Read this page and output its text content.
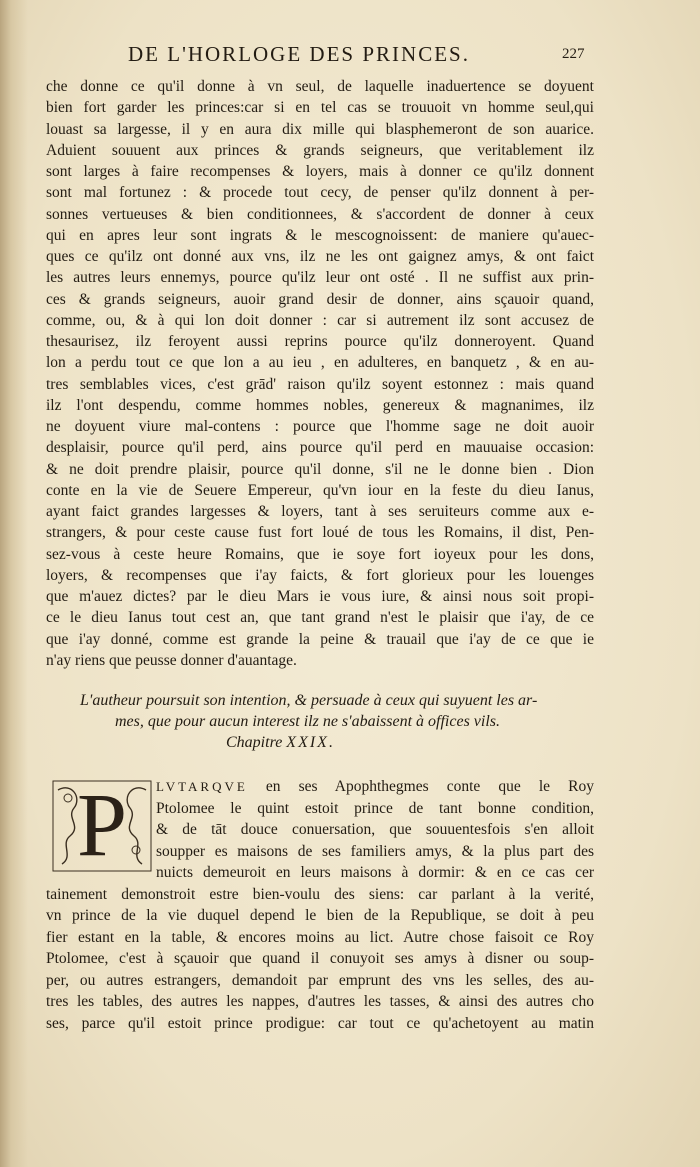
DE L'HORLOGE DES PRINCES.	227
che donne ce qu'il donne à vn seul, de laquelle inaduertence se doyuent
bien fort garder les princes:car si en tel cas se trouuoit vn homme seul,qui
louast sa largesse, il y en aura dix mille qui blasphemeront de son auarice.
Aduient souuent aux princes & grands seigneurs, que veritablement ilz
sont larges à faire recompenses & loyers, mais à donner ce qu'ilz donnent
sont mal fortunez : & procede tout cecy, de penser qu'ilz donnent à per-
sonnes vertueuses & bien conditionnees, & s'accordent de donner à ceux
qui en apres leur sont ingrats & le mescognoissent: de maniere qu'auec-
ques ce qu'ilz ont donné aux vns, ilz ne les ont gaignez amys, & ont faict
les autres leurs ennemys, pource qu'ilz leur ont osté . Il ne suffist aux prin-
ces & grands seigneurs, auoir grand desir de donner, ains sçauoir quand,
comme, ou, & à qui lon doit donner : car si autrement ilz sont accusez de
thesaurisez, ilz feroyent aussi reprins pource qu'ilz donneroyent. Quand
lon a perdu tout ce que lon a au ieu , en adulteres, en banquetz , & en au-
tres semblables vices, c'est grād' raison qu'ilz soyent estonnez : mais quand
ilz l'ont despendu, comme hommes nobles, genereux & magnanimes, ilz
ne doyuent viure mal-contens : pource que l'homme sage ne doit auoir
desplaisir, pource qu'il perd, ains pource qu'il perd en mauuaise occasion:
& ne doit prendre plaisir, pource qu'il donne, s'il ne le donne bien . Dion
conte en la vie de Seuere Empereur, qu'vn iour en la feste du dieu Ianus,
ayant faict grandes largesses & loyers, tant à ses seruiteurs comme aux e-
strangers, & pour ceste cause fust fort loué de tous les Romains, il dist, Pen-
sez-vous à ceste heure Romains, que ie soye fort ioyeux pour les dons,
loyers, & recompenses que i'ay faicts, & fort glorieux pour les louenges
que m'auez dictes? par le dieu Mars ie vous iure, & ainsi nous soit propi-
ce le dieu Ianus tout cest an, que tant grand n'est le plaisir que i'ay, de ce
que i'ay donné, comme est grande la peine & trauail que i'ay de ce que ie
n'ay riens que peusse donner d'auantage.
L'autheur poursuit son intention, & persuade à ceux qui suyuent les ar-
mes, que pour aucun interest ilz ne s'abaissent à offices vils.
Chapitre XXIX.
P	LVTARQVE en ses Apophthegmes conte que le Roy
Ptolomee le quint estoit prince de tant bonne condition,
& de tāt douce conuersation, que souuentesfois s'en alloit
soupper es maisons de ses familiers amys, & la plus part des
nuicts demeuroit en leurs maisons à dormir: & en ce cas cer
tainement demonstroit estre bien-voulu des siens: car parlant à la verité,
vn prince de la vie duquel depend le bien de la Republique, se doit à peu
fier estant en la table, & encores moins au lict. Autre chose faisoit ce Roy
Ptolomee, c'est à sçauoir que quand il conuyoit ses amys à disner ou soup-
per, ou autres estrangers, demandoit par emprunt des vns les selles, des au-
tres les tables, des autres les nappes, d'autres les tasses, & ainsi des autres cho
ses, parce qu'il estoit prince prodigue: car tout ce qu'achetoyent au matin
